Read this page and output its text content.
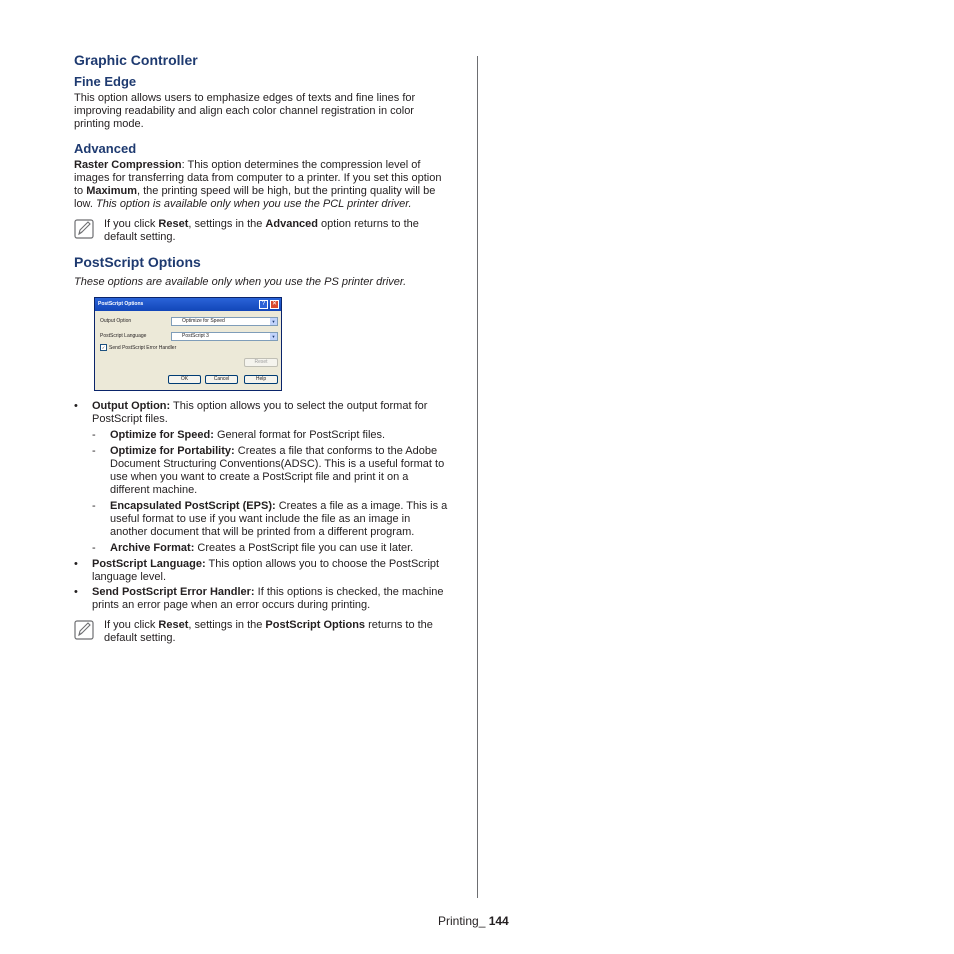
Graphic Controller
Fine Edge

This option allows users to emphasize edges of texts and fine lines for improving readability and align each color channel registration in color printing mode.

Advanced

Raster Compression: This option determines the compression level of images for transferring data from computer to a printer. If you set this option to Maximum, the printing speed will be high, but the printing quality will be low. This option is available only when you use the PCL printer driver.

If you click Reset, settings in the Advanced option returns to the default setting.
PostScript Options

These options are available only when you use the PS printer driver.

PostScript Options	?	✕
Output Option	Optimize for Speed	▼
PostScript Language	PostScript 3	▼
✓ Send PostScript Error Handler
Reset
OK	Cancel	Help
• Output Option: This option allows you to select the output format for PostScript files.
- Optimize for Speed: General format for PostScript files.
- Optimize for Portability: Creates a file that conforms to the Adobe Document Structuring Conventions(ADSC). This is a useful format to use when you want to create a PostScript file and print it on a different machine.
- Encapsulated PostScript (EPS): Creates a file as a image. This is a useful format to use if you want include the file as an image in another document that will be printed from a different program.
- Archive Format: Creates a PostScript file you can use it later.
• PostScript Language: This option allows you to choose the PostScript language level.
• Send PostScript Error Handler: If this options is checked, the machine prints an error page when an error occurs during printing.
If you click Reset, settings in the PostScript Options returns to the default setting.
Printing_ 144
